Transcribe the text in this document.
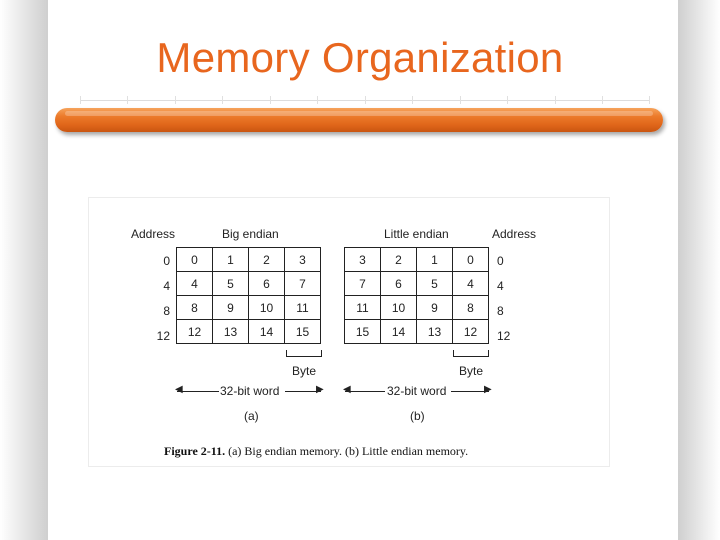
Memory Organization
Address	Big endian	Little endian	Address
0
4
8
12
0	1	2	3
4	5	6	7
8	9	10	11
12	13	14	15
3	2	1	0
7	6	5	4
11	10	9	8
15	14	13	12
0
4
8
12
Byte	Byte
◀	32-bit word	▶ ◀	32-bit word	▶
(a)	(b)
Figure 2-11. (a) Big endian memory. (b) Little endian memory.
